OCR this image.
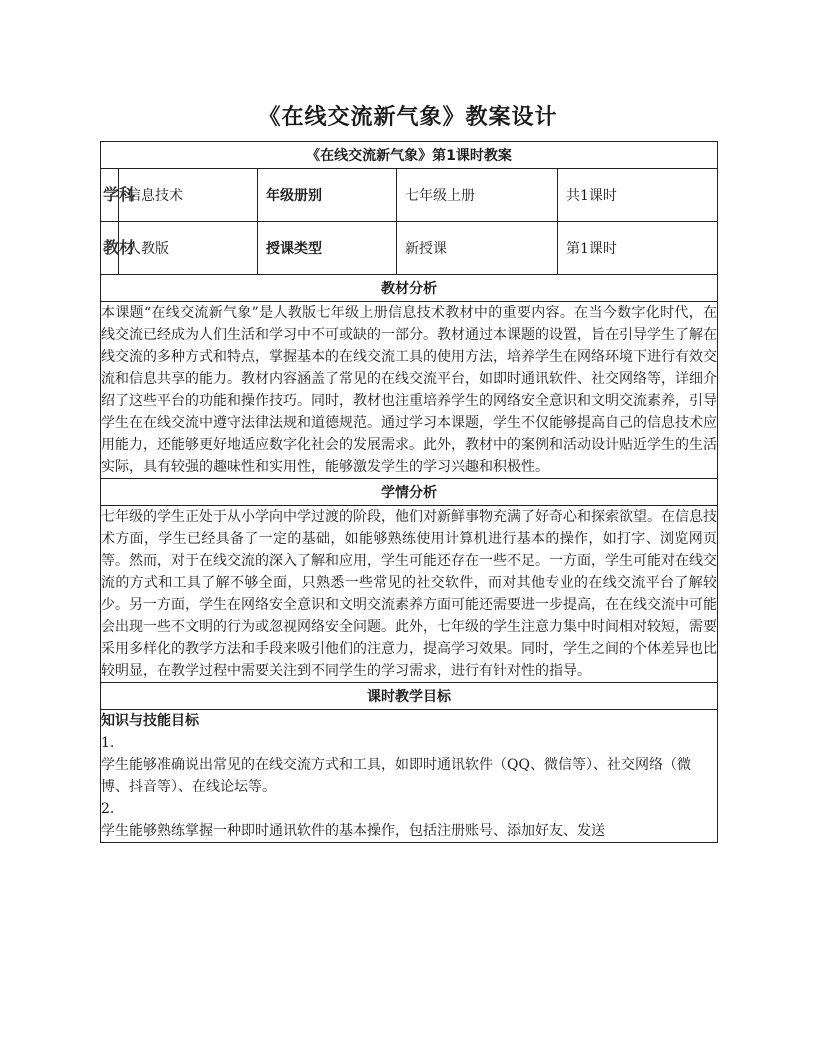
《在线交流新气象》教案设计
《在线交流新气象》第1课时教案				

学科	信息技术	年级册别	七年级上册	共1课时

教材	人教版	授课类型	新授课	第1课时

教材分析				
本课题“在线交流新气象”是人教版七年级上册信息技术教材中的重要内容。在当今数字化时代，在线交流已经成为人们生活和学习中不可或缺的一部分。教材通过本课题的设置，旨在引导学生了解在线交流的多种方式和特点，掌握基本的在线交流工具的使用方法，培养学生在网络环境下进行有效交流和信息共享的能力。教材内容涵盖了常见的在线交流平台，如即时通讯软件、社交网络等，详细介绍了这些平台的功能和操作技巧。同时，教材也注重培养学生的网络安全意识和文明交流素养，引导学生在在线交流中遵守法律法规和道德规范。通过学习本课题，学生不仅能够提高自己的信息技术应用能力，还能够更好地适应数字化社会的发展需求。此外，教材中的案例和活动设计贴近学生的生活实际，具有较强的趣味性和实用性，能够激发学生的学习兴趣和积极性。				
学情分析				
七年级的学生正处于从小学向中学过渡的阶段，他们对新鲜事物充满了好奇心和探索欲望。在信息技术方面，学生已经具备了一定的基础，如能够熟练使用计算机进行基本的操作，如打字、浏览网页等。然而，对于在线交流的深入了解和应用，学生可能还存在一些不足。一方面，学生可能对在线交流的方式和工具了解不够全面，只熟悉一些常见的社交软件，而对其他专业的在线交流平台了解较少。另一方面，学生在网络安全意识和文明交流素养方面可能还需要进一步提高，在在线交流中可能会出现一些不文明的行为或忽视网络安全问题。此外，七年级的学生注意力集中时间相对较短，需要采用多样化的教学方法和手段来吸引他们的注意力，提高学习效果。同时，学生之间的个体差异也比较明显，在教学过程中需要关注到不同学生的学习需求，进行有针对性的指导。				
课时教学目标				

知识与技能目标
1.
学生能够准确说出常见的在线交流方式和工具，如即时通讯软件（QQ、微信等）、社交网络（微博、抖音等）、在线论坛等。
2.
学生能够熟练掌握一种即时通讯软件的基本操作，包括注册账号、添加好友、发送				
